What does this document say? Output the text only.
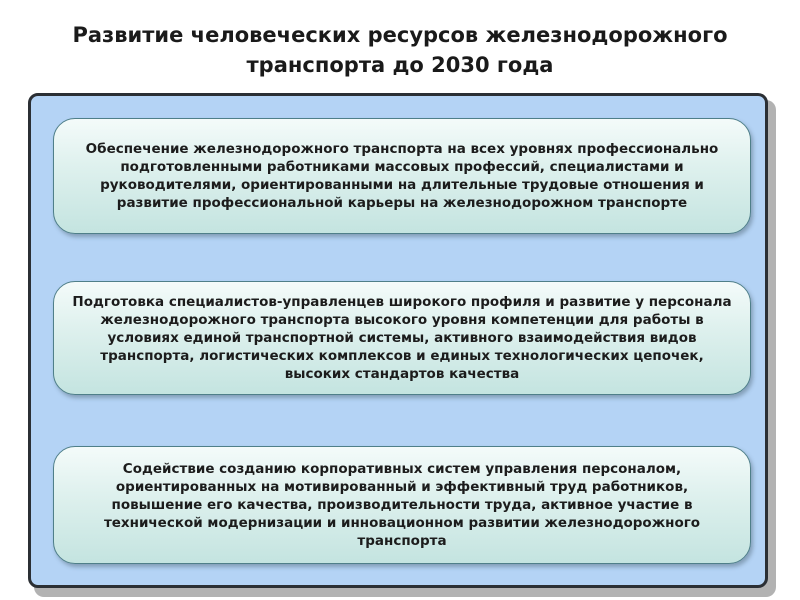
Развитие человеческих ресурсов железнодорожного
транспорта до 2030 года

Обеспечение железнодорожного транспорта на всех уровнях профессионально подготовленными работниками массовых профессий, специалистами и руководителями, ориентированными на длительные трудовые отношения и развитие профессиональной карьеры на железнодорожном транспорте

Подготовка специалистов-управленцев широкого профиля и развитие у персонала железнодорожного транспорта высокого уровня компетенции для работы в условиях единой транспортной системы, активного взаимодействия видов транспорта, логистических комплексов и единых технологических цепочек, высоких стандартов качества

Содействие созданию корпоративных систем управления персоналом, ориентированных на мотивированный и эффективный труд работников, повышение его качества, производительности труда, активное участие в технической модернизации и инновационном развитии железнодорожного транспорта
